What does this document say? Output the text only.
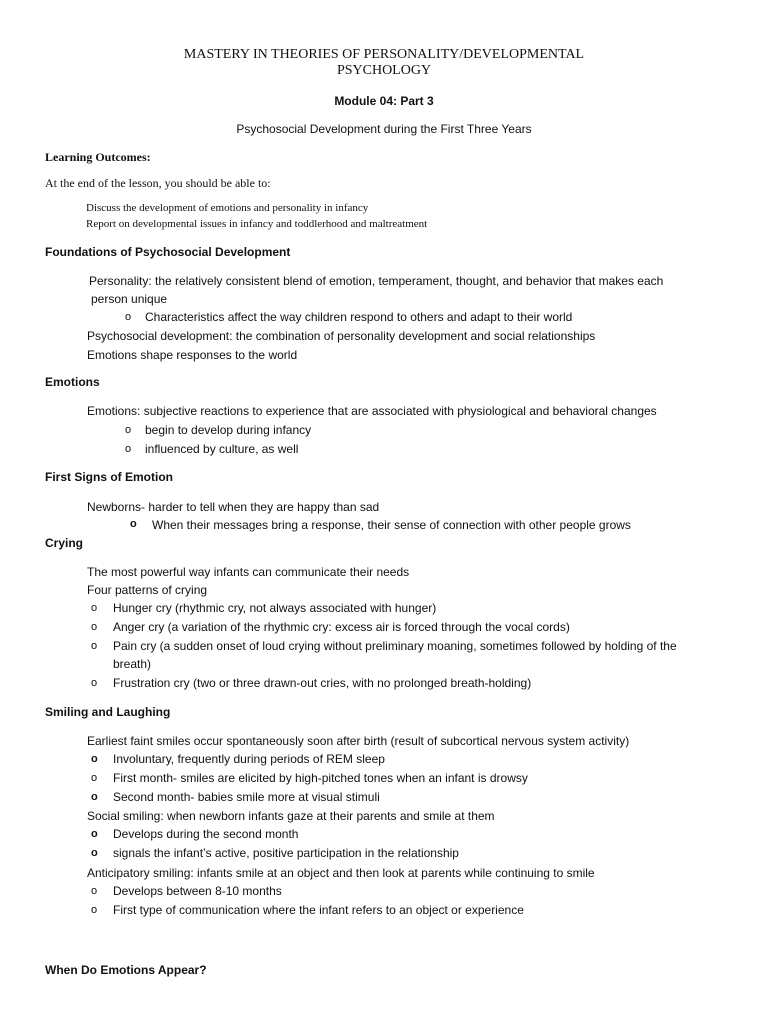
MASTERY IN THEORIES OF PERSONALITY/DEVELOPMENTAL
PSYCHOLOGY
Module 04: Part 3
Psychosocial Development during the First Three Years
Learning Outcomes:
At the end of the lesson, you should be able to:
Discuss the development of emotions and personality in infancy
Report on developmental issues in infancy and toddlerhood and maltreatment
Foundations of Psychosocial Development
Personality: the relatively consistent blend of emotion, temperament, thought, and behavior that makes each
person unique
o Characteristics affect the way children respond to others and adapt to their world
Psychosocial development: the combination of personality development and social relationships
Emotions shape responses to the world
Emotions
Emotions: subjective reactions to experience that are associated with physiological and behavioral changes
o begin to develop during infancy
o influenced by culture, as well
First Signs of Emotion
Newborns- harder to tell when they are happy than sad
o When their messages bring a response, their sense of connection with other people grows
Crying
The most powerful way infants can communicate their needs
Four patterns of crying
o Hunger cry (rhythmic cry, not always associated with hunger)
o Anger cry (a variation of the rhythmic cry: excess air is forced through the vocal cords)
o Pain cry (a sudden onset of loud crying without preliminary moaning, sometimes followed by holding of the
breath)
o Frustration cry (two or three drawn-out cries, with no prolonged breath-holding)
Smiling and Laughing
Earliest faint smiles occur spontaneously soon after birth (result of subcortical nervous system activity)
o Involuntary, frequently during periods of REM sleep
o First month- smiles are elicited by high-pitched tones when an infant is drowsy
o Second month- babies smile more at visual stimuli
Social smiling: when newborn infants gaze at their parents and smile at them
o Develops during the second month
o signals the infant’s active, positive participation in the relationship
Anticipatory smiling: infants smile at an object and then look at parents while continuing to smile
o Develops between 8-10 months
o First type of communication where the infant refers to an object or experience
When Do Emotions Appear?
